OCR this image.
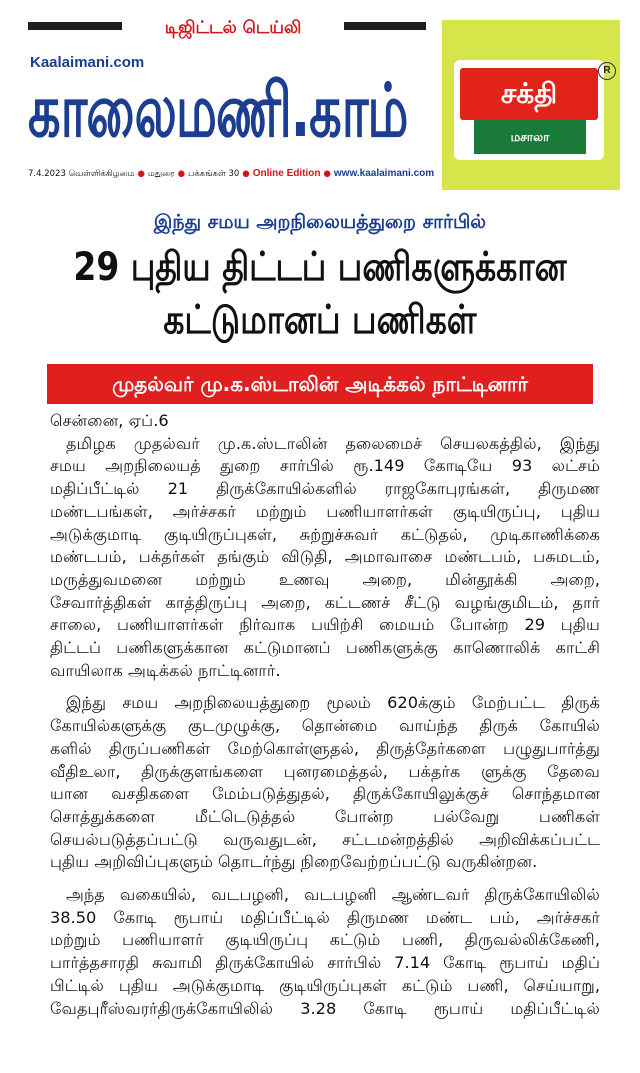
டிஜிட்டல் டெய்லி
Kaalaimani.com
காலைமணி.காம்
7.4.2023 வெள்ளிக்கிழமை ● மதுரை ● பக்கங்கள் 30 ● Online Edition ● www.kaalaimani.com
சக்தி
மசாலா
R
இந்து சமய அறநிலையத்துறை சார்பில்
29 புதிய திட்டப் பணிகளுக்கான
கட்டுமானப் பணிகள்
முதல்வர் மு.க.ஸ்டாலின் அடிக்கல் நாட்டினார்

சென்னை, ஏப்.6

தமிழக முதல்வர் மு.க.ஸ்டாலின் தலைமைச் செயலகத்தில், இந்து
சமய அறநிலையத் துறை சார்பில் ரூ.149 கோடியே 93 லட்சம்
மதிப்பீட்டில் 21 திருக்கோயில்களில் ராஜகோபுரங்கள், திருமண
மண்டபங்கள், அர்ச்சகர் மற்றும் பணியாளர்கள் குடியிருப்பு, புதிய
அடுக்குமாடி குடியிருப்புகள், சுற்றுச்சுவர் கட்டுதல், முடிகாணிக்கை
மண்டபம், பக்தர்கள் தங்கும் விடுதி, அமாவாசை மண்டபம், பசுமடம்,
மருத்துவமனை மற்றும் உணவு அறை, மின்தூக்கி அறை,
சேவார்த்திகள் காத்திருப்பு அறை, கட்டணச் சீட்டு வழங்குமிடம், தார்
சாலை, பணியாளர்கள் நிர்வாக பயிற்சி மையம் போன்ற 29 புதிய
திட்டப் பணிகளுக்கான கட்டுமானப் பணிகளுக்கு காணொலிக் காட்சி
வாயிலாக அடிக்கல் நாட்டினார்.

இந்து சமய அறநிலையத்துறை மூலம் 620க்கும் மேற்பட்ட திருக்
கோயில்களுக்கு குடமுழுக்கு, தொன்மை வாய்ந்த திருக் கோயில்
களில் திருப்பணிகள் மேற்கொள்ளுதல், திருத்தேர்களை பழுதுபார்த்து
வீதிஉலா, திருக்குளங்களை புனரமைத்தல், பக்தர்க ளுக்கு தேவை
யான வசதிகளை மேம்படுத்துதல், திருக்கோயிலுக்குச் சொந்தமான
சொத்துக்களை மீட்டெடுத்தல் போன்ற பல்வேறு பணிகள்
செயல்படுத்தப்பட்டு வருவதுடன், சட்டமன்றத்தில் அறிவிக்கப்பட்ட
புதிய அறிவிப்புகளும் தொடர்ந்து நிறைவேற்றப்பட்டு வருகின்றன.

அந்த வகையில், வடபழனி, வடபழனி ஆண்டவர் திருக்கோயிலில்
38.50 கோடி ரூபாய் மதிப்பீட்டில் திருமண மண்ட பம், அர்ச்சகர்
மற்றும் பணியாளர் குடியிருப்பு கட்டும் பணி, திருவல்லிக்கேணி,
பார்த்தசாரதி சுவாமி திருக்கோயில் சார்பில் 7.14 கோடி ரூபாய் மதிப்
பிட்டில் புதிய அடுக்குமாடி குடியிருப்புகள் கட்டும் பணி, செய்யாறு,
வேதபுரீஸ்வரர்திருக்கோயிலில் 3.28 கோடி ரூபாய் மதிப்பீட்டில்
